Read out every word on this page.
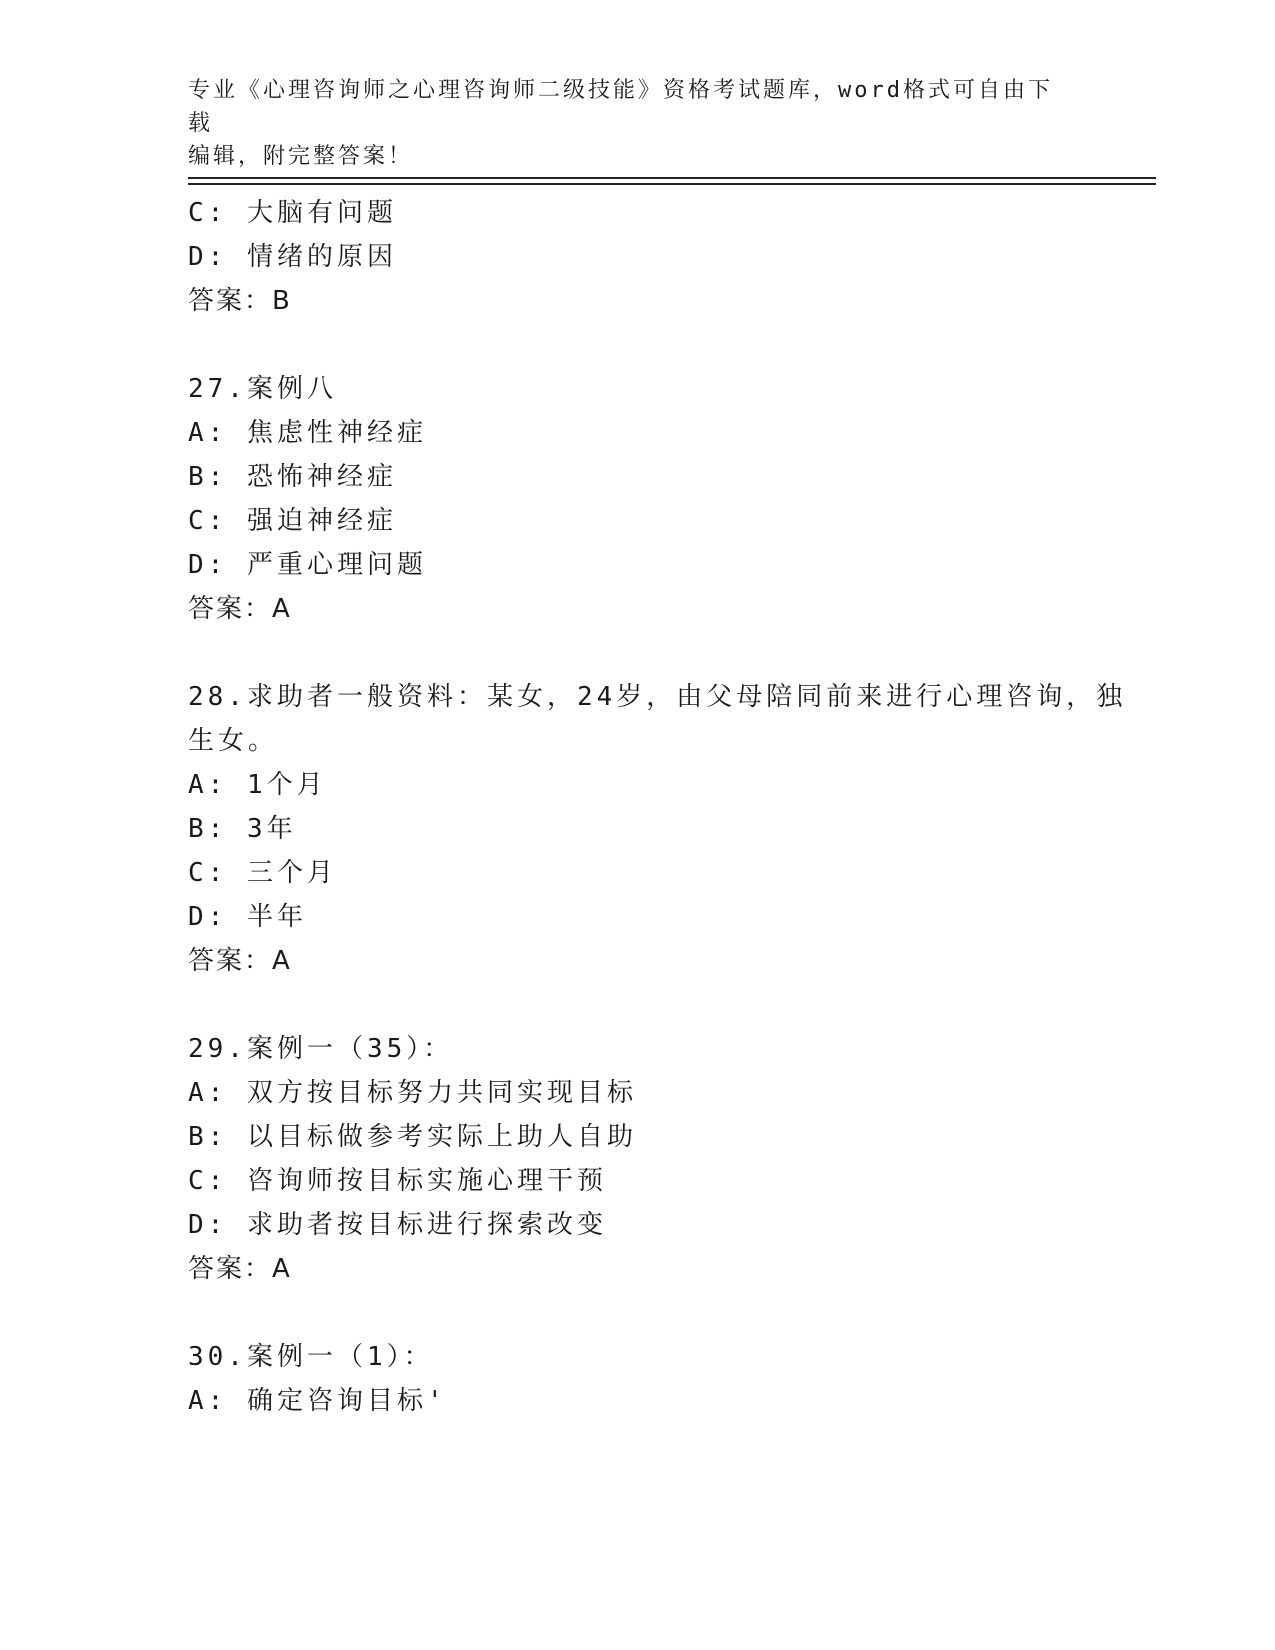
专业《心理咨询师之心理咨询师二级技能》资格考试题库，word格式可自由下载
编辑，附完整答案！
C: 大脑有问题
D: 情绪的原因
答案：B
27.案例八
A: 焦虑性神经症
B: 恐怖神经症
C: 强迫神经症
D: 严重心理问题
答案：A
28.求助者一般资料：某女，24岁，由父母陪同前来进行心理咨询，独
生女。
A: 1个月
B: 3年
C: 三个月
D: 半年
答案：A
29.案例一（35）：
A: 双方按目标努力共同实现目标
B: 以目标做参考实际上助人自助
C: 咨询师按目标实施心理干预
D: 求助者按目标进行探索改变
答案：A
30.案例一（1）：
A: 确定咨询目标'
